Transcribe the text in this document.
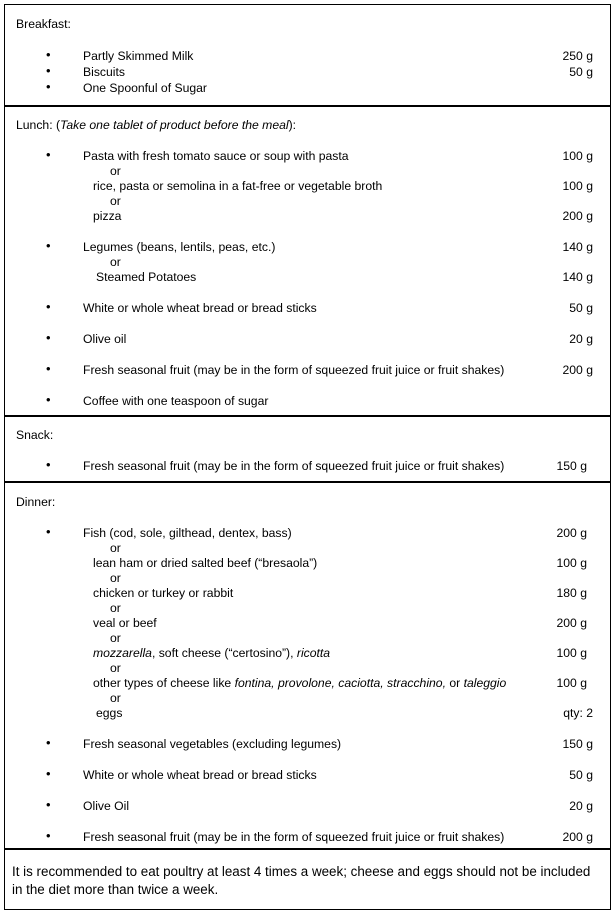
Breakfast:
•	Partly Skimmed Milk	250 g
•	Biscuits	50 g
•	One Spoonful of Sugar
Lunch: (Take one tablet of product before the meal):
•	Pasta with fresh tomato sauce or soup with pasta	100 g
or
rice, pasta or semolina in a fat-free or vegetable broth	100 g
or
pizza	200 g
•	Legumes (beans, lentils, peas, etc.)	140 g
or
Steamed Potatoes	140 g
•	White or whole wheat bread or bread sticks	50 g
•	Olive oil	20 g
•	Fresh seasonal fruit (may be in the form of squeezed fruit juice or fruit shakes)	200 g
•	Coffee with one teaspoon of sugar
Snack:
•	Fresh seasonal fruit (may be in the form of squeezed fruit juice or fruit shakes)	150 g
Dinner:
•	Fish (cod, sole, gilthead, dentex, bass)	200 g
or
lean ham or dried salted beef (“bresaola”)	100 g
or
chicken or turkey or rabbit	180 g
or
veal or beef	200 g
or
mozzarella, soft cheese (“certosino”), ricotta	100 g
or
other types of cheese like fontina, provolone, caciotta, stracchino, or taleggio	100 g
or
eggs	qty: 2
•	Fresh seasonal vegetables (excluding legumes)	150 g
•	White or whole wheat bread or bread sticks	50 g
•	Olive Oil	20 g
•	Fresh seasonal fruit (may be in the form of squeezed fruit juice or fruit shakes)	200 g
It is recommended to eat poultry at least 4 times a week; cheese and eggs should not be included in the diet more than twice a week.
